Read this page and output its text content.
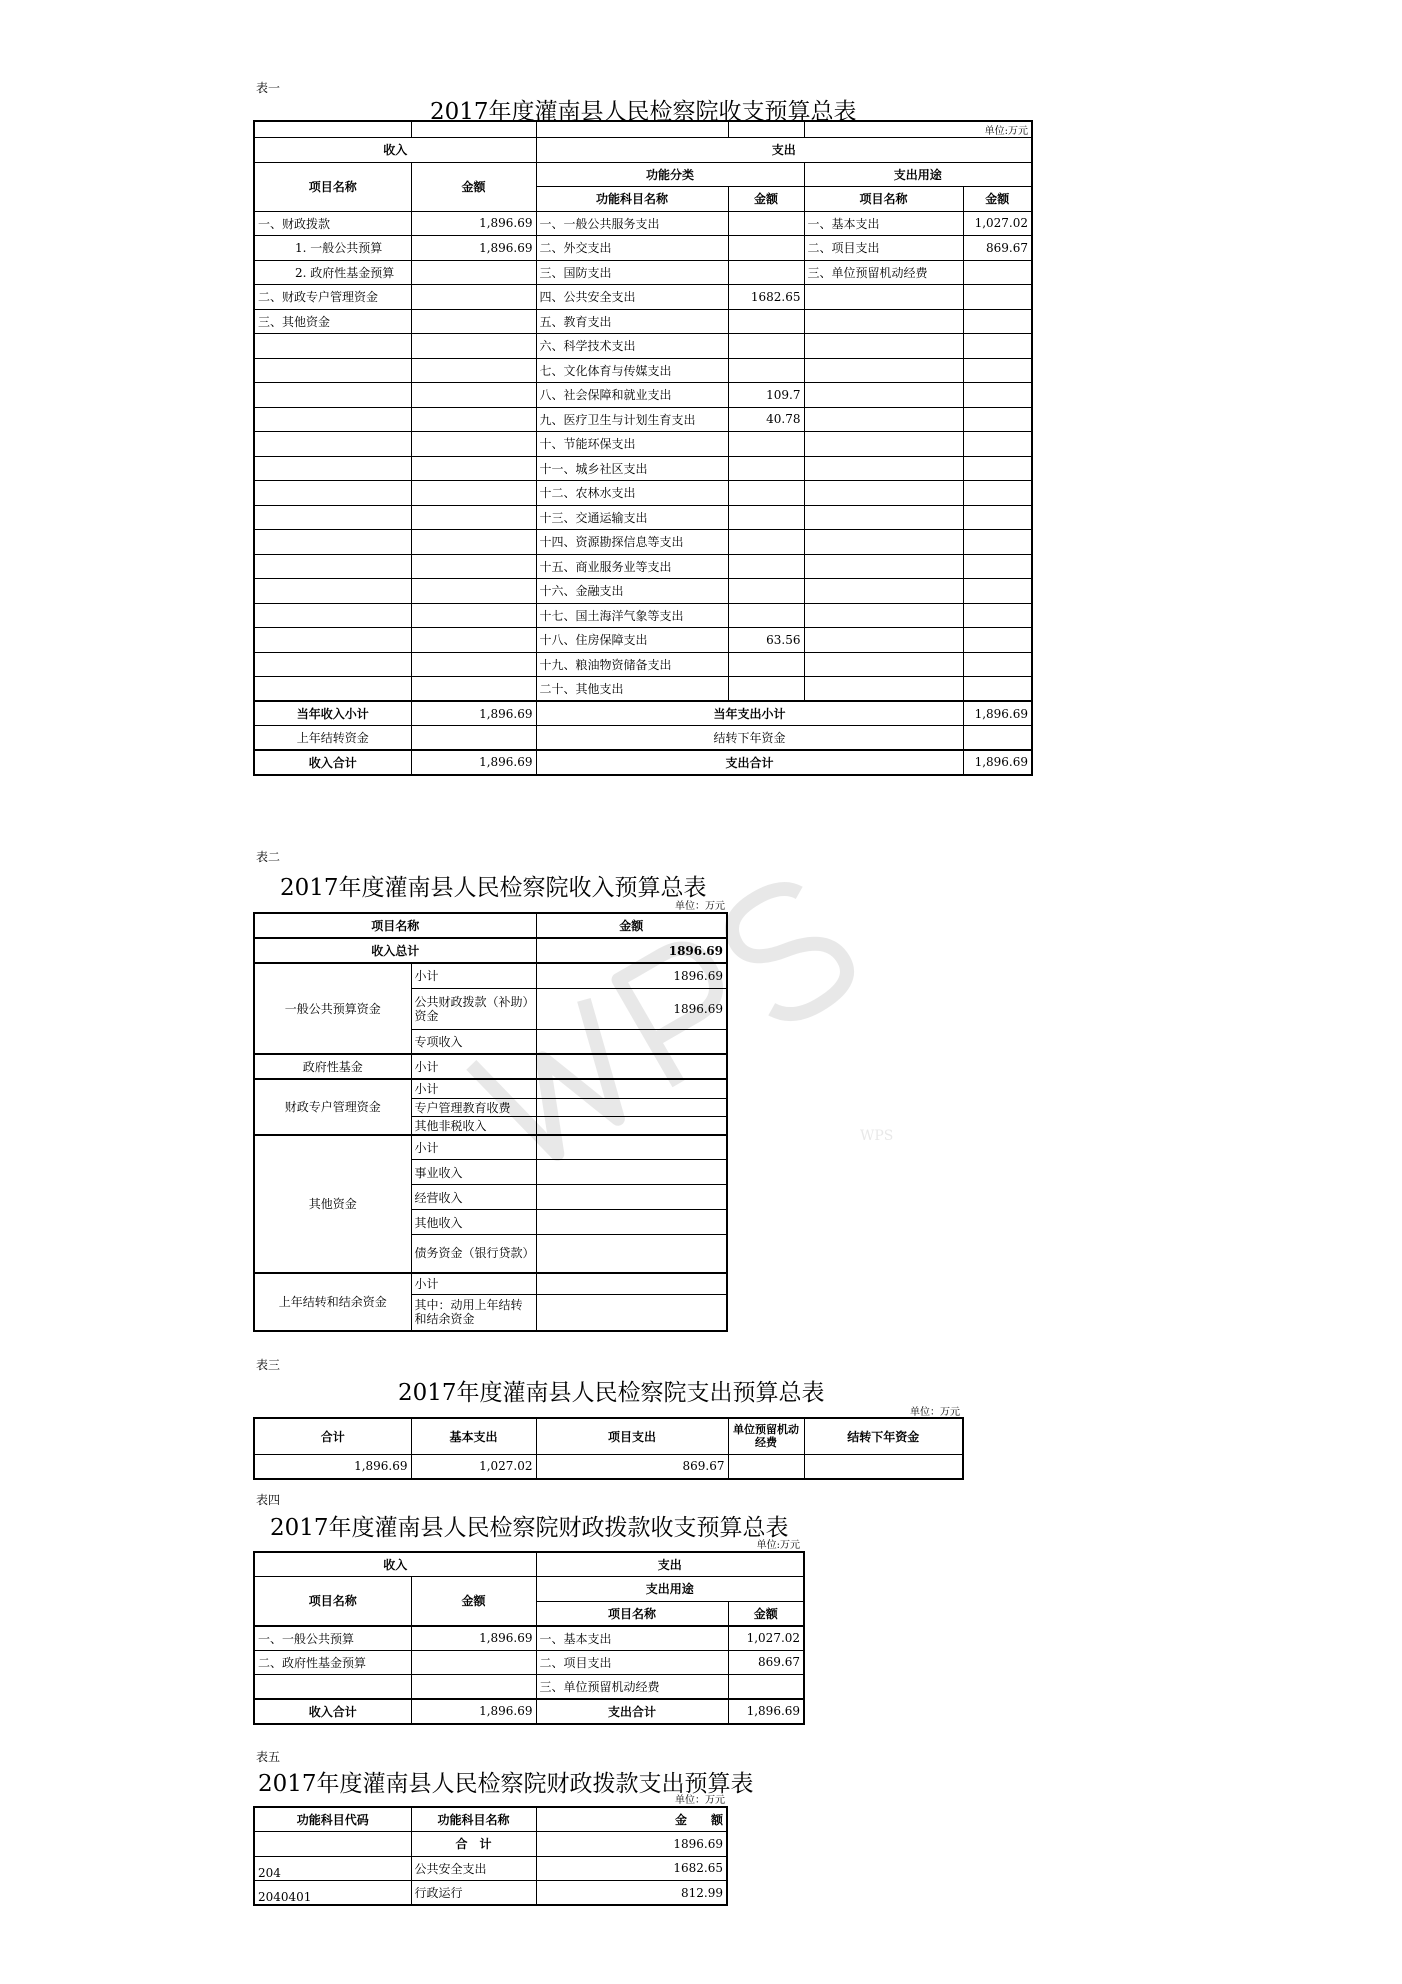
WPS
表一
2017年度灌南县人民检察院收支预算总表
				单位:万元	
收入		支出			
项目名称	金额	功能分类		支出用途	
		功能科目名称	金额	项目名称	金额
一、财政拨款	1,896.69	一、一般公共服务支出		一、基本支出	1,027.02
1. 一般公共预算	1,896.69	二、外交支出		二、项目支出	869.67
2. 政府性基金预算		三、国防支出		三、单位预留机动经费	
二、财政专户管理资金		四、公共安全支出	1682.65		
三、其他资金		五、教育支出			
		六、科学技术支出			
		七、文化体育与传媒支出			
		八、社会保障和就业支出	109.7		
		九、医疗卫生与计划生育支出	40.78		
		十、节能环保支出			
		十一、城乡社区支出			
		十二、农林水支出			
		十三、交通运输支出			
		十四、资源勘探信息等支出			
		十五、商业服务业等支出			
		十六、金融支出			
		十七、国土海洋气象等支出			
		十八、住房保障支出	63.56		
		十九、粮油物资储备支出			
		二十、其他支出			
当年收入小计	1,896.69	当年支出小计			1,896.69
上年结转资金		结转下年资金			
收入合计	1,896.69	支出合计			1,896.69
表二
2017年度灌南县人民检察院收入预算总表
单位：万元
项目名称		金额
收入总计		1896.69
一般公共预算资金	小计	1896.69
	公共财政拨款（补助）资金	1896.69
	专项收入	
政府性基金	小计	
财政专户管理资金	小计	
	专户管理教育收费	
	其他非税收入	
其他资金	小计	
	事业收入	
	经营收入	
	其他收入	
	债务资金（银行贷款）	
上年结转和结余资金	小计	
	其中：动用上年结转和结余资金	
表三
2017年度灌南县人民检察院支出预算总表
单位：万元
合计	基本支出	项目支出	单位预留机动经费	结转下年资金
1,896.69	1,027.02	869.67		
表四
2017年度灌南县人民检察院财政拨款收支预算总表
单位:万元
收入		支出	
项目名称	金额	支出用途	
		项目名称	金额
一、一般公共预算	1,896.69	一、基本支出	1,027.02
二、政府性基金预算		二、项目支出	869.67
		三、单位预留机动经费	
收入合计	1,896.69	支出合计	1,896.69
表五
2017年度灌南县人民检察院财政拨款支出预算表
单位：万元
功能科目代码	功能科目名称	金　　额
	合　计	1896.69
204	公共安全支出	1682.65
2040401	行政运行	812.99
